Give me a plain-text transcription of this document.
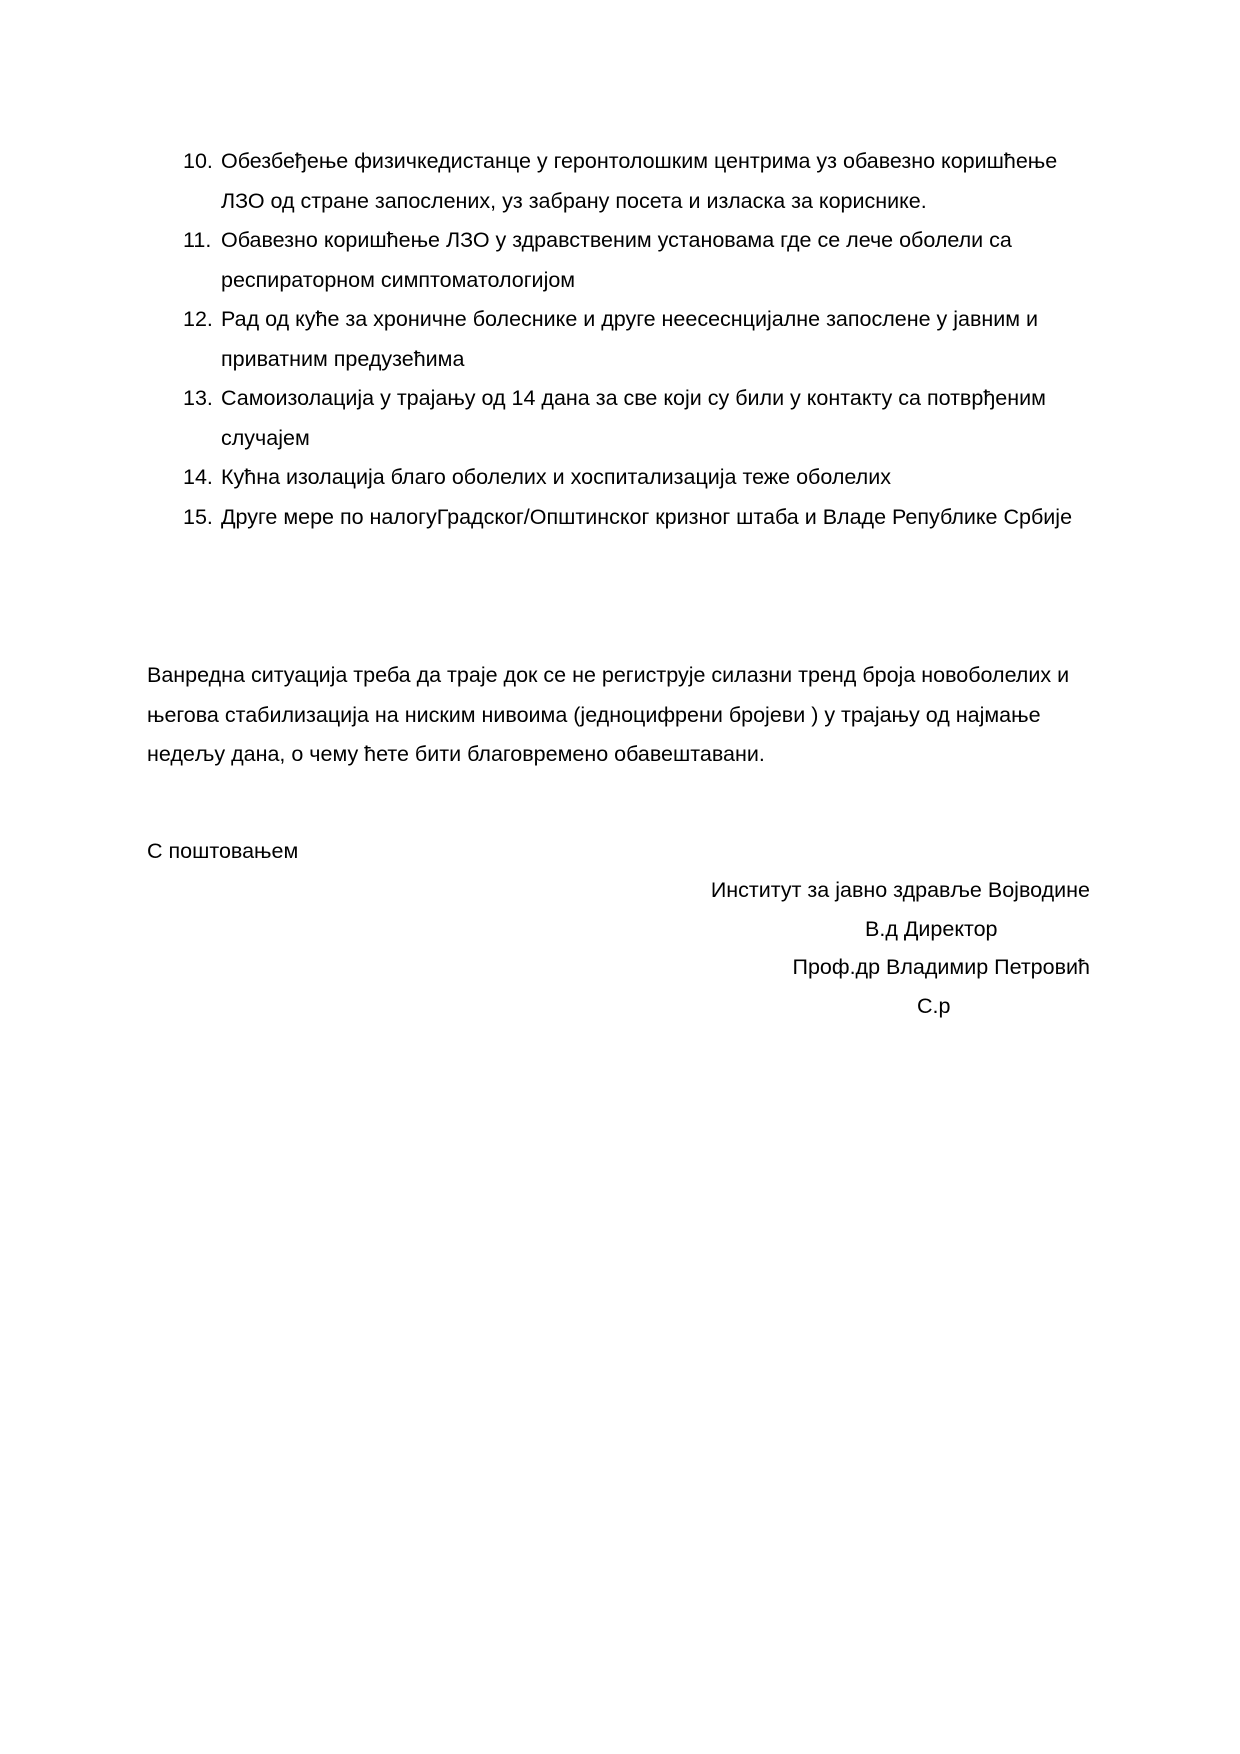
10. Обезбеђење физичкедистанце у геронтолошким центрима уз обавезно коришћење ЛЗО од стране запослених, уз забрану посета и изласка за кориснике.
11. Обавезно коришћење ЛЗО у здравственим установама где се лече оболели са респираторном симптоматологијом
12. Рад од куће за хроничне болеснике и друге неесеснцијалне запослене у јавним и приватним предузећима
13. Самоизолација у трајању од 14 дана за све који су били у контакту са потврђеним случајем
14. Кућна изолација благо оболелих и хоспитализација теже оболелих
15. Друге мере по налогуГрадског/Општинског кризног штаба и Владе Републике Србије

Ванредна ситуација треба да траје док се не региструје силазни тренд броја новоболелих и његова стабилизација на ниским нивоима (једноцифрени бројеви ) у трајању од најмање недељу дана, о чему ћете бити благовремено обавештавани.

С поштовањем
Институт за јавно здравље Војводине
В.д Директор
Проф.др Владимир Петровић
С.р
